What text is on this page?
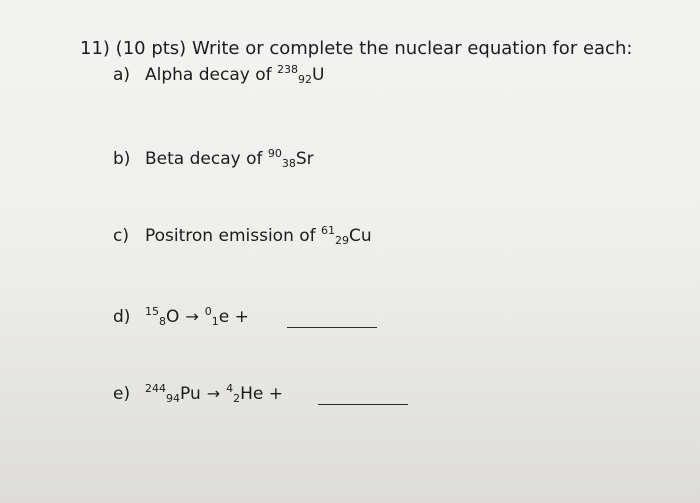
11) (10 pts) Write or complete the nuclear equation for each:
a) Alpha decay of $^{238}$92U
b) Beta decay of $^{90}$38Sr
c) Positron emission of $^{61}$29Cu
d) $^{15}$8O → $^0$1e +
e) $^{244}$94Pu → $^4$2He +
